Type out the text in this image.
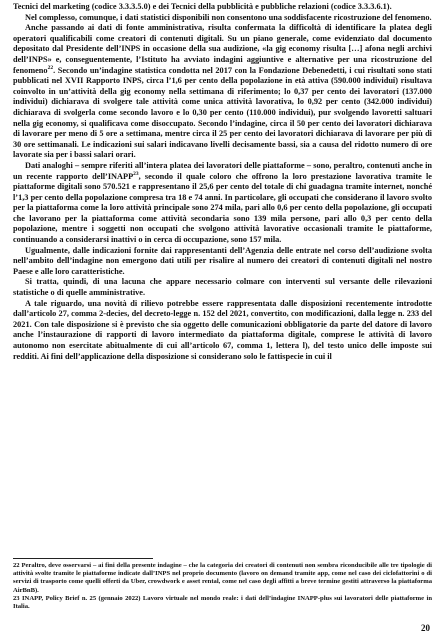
Tecnici del marketing (codice 3.3.3.5.0) e dei Tecnici della pubblicità e pubbliche relazioni (codice 3.3.3.6.1).

Nel complesso, comunque, i dati statistici disponibili non consentono una soddisfacente ricostruzione del fenomeno.

Anche passando ai dati di fonte amministrativa, risulta confermata la difficoltà di identificare la platea degli operatori qualificabili come creatori di contenuti digitali. Su un piano generale, come evidenziato dal documento depositato dal Presidente dell’INPS in occasione della sua audizione, «la gig economy risulta […] afona negli archivi dell’INPS» e, conseguentemente, l’Istituto ha avviato indagini aggiuntive e alternative per una ricostruzione del fenomeno$^{22}$. Secondo un’indagine statistica condotta nel 2017 con la Fondazione Debenedetti, i cui risultati sono stati pubblicati nel XVII Rapporto INPS, circa l’1,6 per cento della popolazione in età attiva (590.000 individui) risultava coinvolto in un’attività della gig economy nella settimana di riferimento; lo 0,37 per cento dei lavoratori (137.000 individui) dichiarava di svolgere tale attività come unica attività lavorativa, lo 0,92 per cento (342.000 individui) dichiarava di svolgerla come secondo lavoro e lo 0,30 per cento (110.000 individui), pur svolgendo lavoretti saltuari nella gig economy, si qualificava come disoccupato. Secondo l’indagine, circa il 50 per cento dei lavoratori dichiarava di lavorare per meno di 5 ore a settimana, mentre circa il 25 per cento dei lavoratori dichiarava di lavorare per più di 30 ore settimanali. Le indicazioni sui salari indicavano livelli decisamente bassi, sia a causa del ridotto numero di ore lavorate sia per i bassi salari orari.

Dati analoghi – sempre riferiti all’intera platea dei lavoratori delle piattaforme – sono, peraltro, contenuti anche in un recente rapporto dell’INAPP$^{23}$, secondo il quale coloro che offrono la loro prestazione lavorativa tramite le piattaforme digitali sono 570.521 e rappresentano il 25,6 per cento del totale di chi guadagna tramite internet, nonché l’1,3 per cento della popolazione compresa tra 18 e 74 anni. In particolare, gli occupati che considerano il lavoro svolto per la piattaforma come la loro attività principale sono 274 mila, pari allo 0,6 per cento della popolazione, gli occupati che lavorano per la piattaforma come attività secondaria sono 139 mila persone, pari allo 0,3 per cento della popolazione, mentre i soggetti non occupati che svolgono attività lavorative occasionali tramite le piattaforme, continuando a considerarsi inattivi o in cerca di occupazione, sono 157 mila.

Ugualmente, dalle indicazioni fornite dai rappresentanti dell’Agenzia delle entrate nel corso dell’audizione svolta nell’ambito dell’indagine non emergono dati utili per risalire al numero dei creatori di contenuti digitali nel nostro Paese e alle loro caratteristiche.

Si tratta, quindi, di una lacuna che appare necessario colmare con interventi sul versante delle rilevazioni statistiche o di quelle amministrative.

A tale riguardo, una novità di rilievo potrebbe essere rappresentata dalle disposizioni recentemente introdotte dall’articolo 27, comma 2-decies, del decreto-legge n. 152 del 2021, convertito, con modificazioni, dalla legge n. 233 del 2021. Con tale disposizione si è previsto che sia oggetto delle comunicazioni obbligatorie da parte del datore di lavoro anche l’instaurazione di rapporti di lavoro intermediato da piattaforma digitale, comprese le attività di lavoro autonomo non esercitate abitualmente di cui all’articolo 67, comma 1, lettera l), del testo unico delle imposte sui redditi. Ai fini dell’applicazione della disposizione si considerano solo le fattispecie in cui il

22 Peraltro, deve osservarsi – ai fini della presente indagine – che la categoria dei creatori di contenuti non sembra riconducibile alle tre tipologie di attività svolte tramite le piattaforme indicate dall’INPS nel proprio documento (lavoro on demand tramite app, come nel caso dei ciclofattorini o di servizi di trasporto come quelli offerti da Uber, crowdwork e asset rental, come nel caso degli affitti a breve termine gestiti attraverso la piattaforma AirBnB).

23 INAPP, Policy Brief n. 25 (gennaio 2022) Lavoro virtuale nel mondo reale: i dati dell’indagine INAPP-plus sui lavoratori delle piattaforme in Italia.

20
